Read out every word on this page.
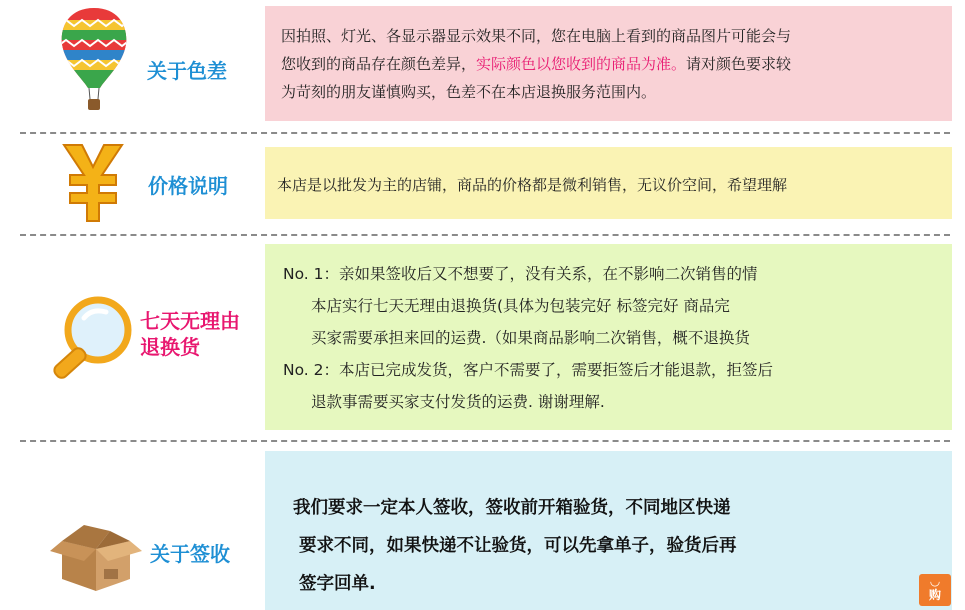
关于色差
因拍照、灯光、各显示器显示效果不同，您在电脑上看到的商品图片可能会与
您收到的商品存在颜色差异，实际颜色以您收到的商品为准。请对颜色要求较
为苛刻的朋友谨慎购买，色差不在本店退换服务范围内。
价格说明	本店是以批发为主的店铺，商品的价格都是微利销售，无议价空间，希望理解
七天无理由
退换货
No. 1：亲如果签收后又不想要了，没有关系，在不影响二次销售的情
本店实行七天无理由退换货(具体为包装完好 标签完好 商品完
买家需要承担来回的运费.（如果商品影响二次销售，概不退换货
No. 2：本店已完成发货，客户不需要了，需要拒签后才能退款，拒签后
退款事需要买家支付发货的运费. 谢谢理解.
关于签收
我们要求一定本人签收，签收前开箱验货，不同地区快递
要求不同，如果快递不让验货，可以先拿单子，验货后再
签字回单.	◡
购
